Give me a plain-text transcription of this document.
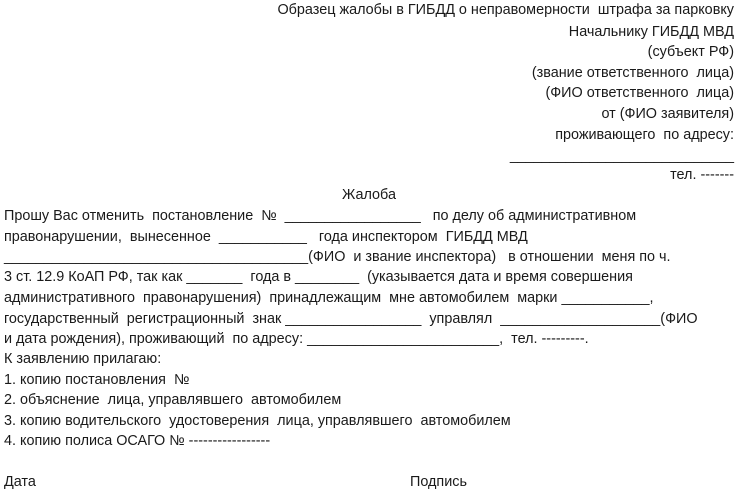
Образец жалобы в ГИБДД о неправомерности  штрафа за парковку
Начальнику ГИБДД МВД
(субъект РФ)
(звание ответственного  лица)
(ФИО ответственного  лица)
от (ФИО заявителя)
проживающего  по адресу:
____________________________
тел. -------
Жалоба
Прошу Вас отменить  постановление  №  _________________   по делу об административном
правонарушении,  вынесенное  ___________   года инспектором  ГИБДД МВД
______________________________________(ФИО  и звание инспектора)   в отношении  меня по ч.
3 ст. 12.9 КоАП РФ, так как _______  года в ________  (указывается дата и время совершения
административного  правонарушения)  принадлежащим  мне автомобилем  марки ___________,
государственный  регистрационный  знак _________________  управлял  ____________________(ФИО
и дата рождения), проживающий  по адресу: ________________________,  тел. ---------.
К заявлению прилагаю:
1. копию постановления  №
2. объяснение  лица, управлявшего  автомобилем
3. копию водительского  удостоверения  лица, управлявшего  автомобилем
4. копию полиса ОСАГО № -----------------
Дата	Подпись
